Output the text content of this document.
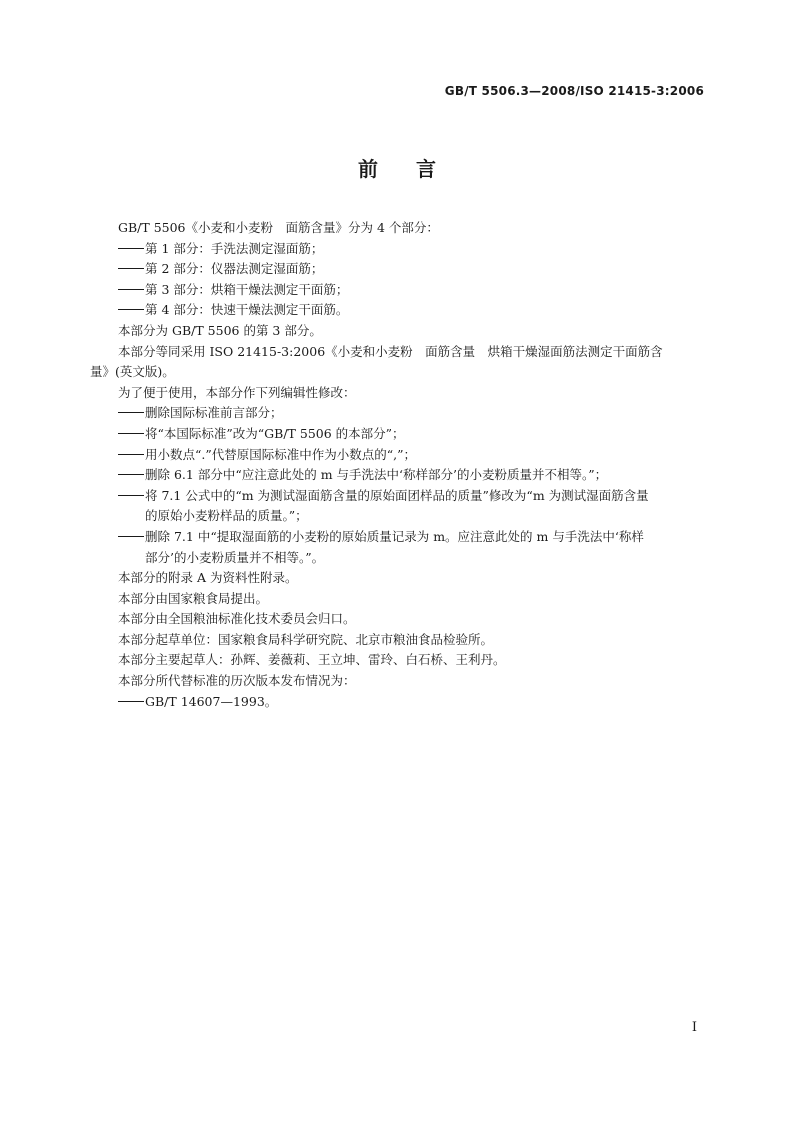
GB/T 5506.3—2008/ISO 21415-3:2006
前言

GB/T 5506《小麦和小麦粉　面筋含量》分为 4 个部分：

第 1 部分：手洗法测定湿面筋；

第 2 部分：仪器法测定湿面筋；

第 3 部分：烘箱干燥法测定干面筋；

第 4 部分：快速干燥法测定干面筋。

本部分为 GB/T 5506 的第 3 部分。

本部分等同采用 ISO 21415-3:2006《小麦和小麦粉　面筋含量　烘箱干燥湿面筋法测定干面筋含

量》(英文版)。

为了便于使用，本部分作下列编辑性修改：

删除国际标准前言部分；

将“本国际标准”改为“GB/T 5506 的本部分”；

用小数点“.”代替原国际标准中作为小数点的“,”；

删除 6.1 部分中“应注意此处的 m 与手洗法中‘称样部分’的小麦粉质量并不相等。”；

将 7.1 公式中的“m 为测试湿面筋含量的原始面团样品的质量”修改为“m 为测试湿面筋含量

的原始小麦粉样品的质量。”；

删除 7.1 中“提取湿面筋的小麦粉的原始质量记录为 m。应注意此处的 m 与手洗法中‘称样

部分’的小麦粉质量并不相等。”。

本部分的附录 A 为资料性附录。

本部分由国家粮食局提出。

本部分由全国粮油标准化技术委员会归口。

本部分起草单位：国家粮食局科学研究院、北京市粮油食品检验所。

本部分主要起草人：孙辉、姜薇莉、王立坤、雷玲、白石桥、王利丹。

本部分所代替标准的历次版本发布情况为：

GB/T 14607—1993。

I
